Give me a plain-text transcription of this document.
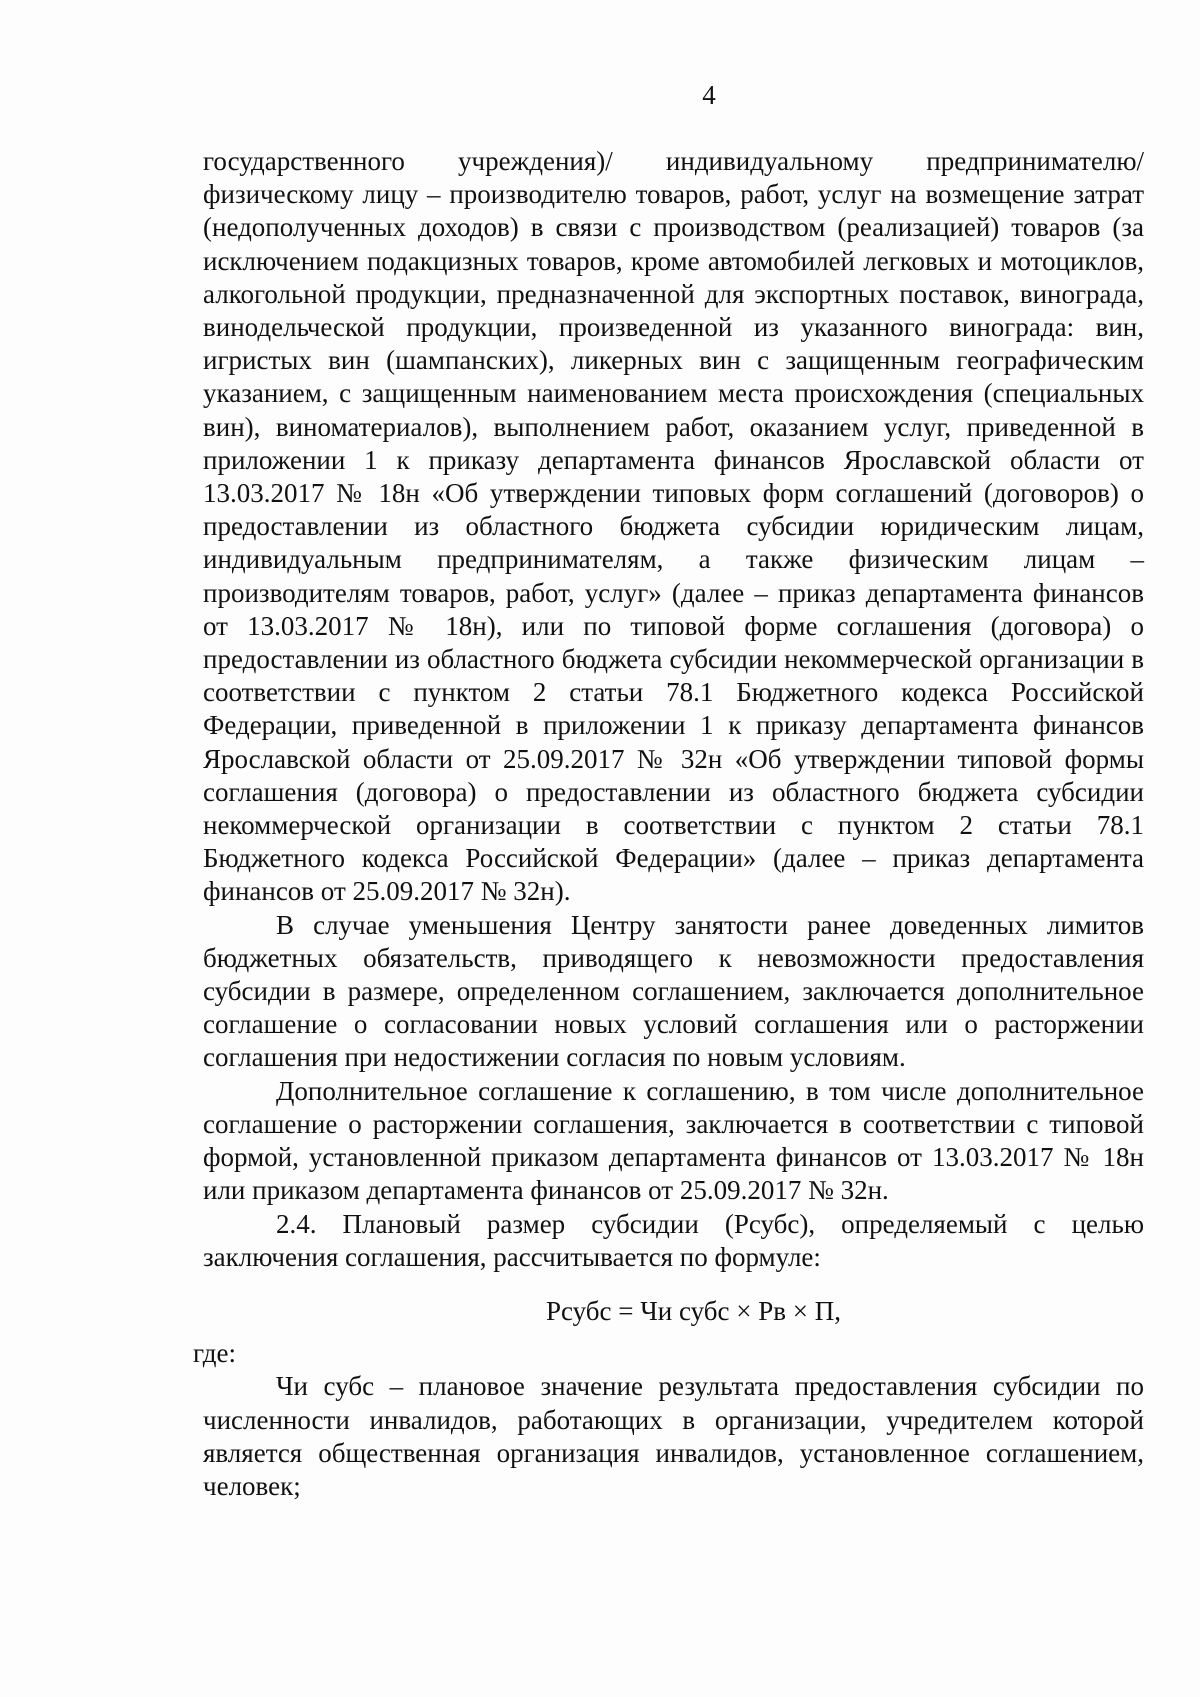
4

государственного учреждения)/ индивидуальному предпринимателю/ физическому лицу – производителю товаров, работ, услуг на возмещение затрат (недополученных доходов) в связи с производством (реализацией) товаров (за исключением подакцизных товаров, кроме автомобилей легковых и мотоциклов, алкогольной продукции, предназначенной для экспортных поставок, винограда, винодельческой продукции, произведенной из указанного винограда: вин, игристых вин (шампанских), ликерных вин с защищенным географическим указанием, с защищенным наименованием места происхождения (специальных вин), виноматериалов), выполнением работ, оказанием услуг, приведенной в приложении 1 к приказу департамента финансов Ярославской области от 13.03.2017 № 18н «Об утверждении типовых форм соглашений (договоров) о предоставлении из областного бюджета субсидии юридическим лицам, индивидуальным предпринимателям, а также физическим лицам – производителям товаров, работ, услуг» (далее – приказ департамента финансов от 13.03.2017 № 18н), или по типовой форме соглашения (договора) о предоставлении из областного бюджета субсидии некоммерческой организации в соответствии с пунктом 2 статьи 78.1 Бюджетного кодекса Российской Федерации, приведенной в приложении 1 к приказу департамента финансов Ярославской области от 25.09.2017 № 32н «Об утверждении типовой формы соглашения (договора) о предоставлении из областного бюджета субсидии некоммерческой организации в соответствии с пунктом 2 статьи 78.1 Бюджетного кодекса Российской Федерации» (далее – приказ департамента финансов от 25.09.2017 № 32н).

В случае уменьшения Центру занятости ранее доведенных лимитов бюджетных обязательств, приводящего к невозможности предоставления субсидии в размере, определенном соглашением, заключается дополнительное соглашение о согласовании новых условий соглашения или о расторжении соглашения при недостижении согласия по новым условиям.

Дополнительное соглашение к соглашению, в том числе дополнительное соглашение о расторжении соглашения, заключается в соответствии с типовой формой, установленной приказом департамента финансов от 13.03.2017 № 18н или приказом департамента финансов от 25.09.2017 № 32н.

2.4. Плановый размер субсидии (Рсубс), определяемый с целью заключения соглашения, рассчитывается по формуле:

Рсубс = Чи субс × Рв × П,

где:

Чи субс – плановое значение результата предоставления субсидии по численности инвалидов, работающих в организации, учредителем которой является общественная организация инвалидов, установленное соглашением, человек;
